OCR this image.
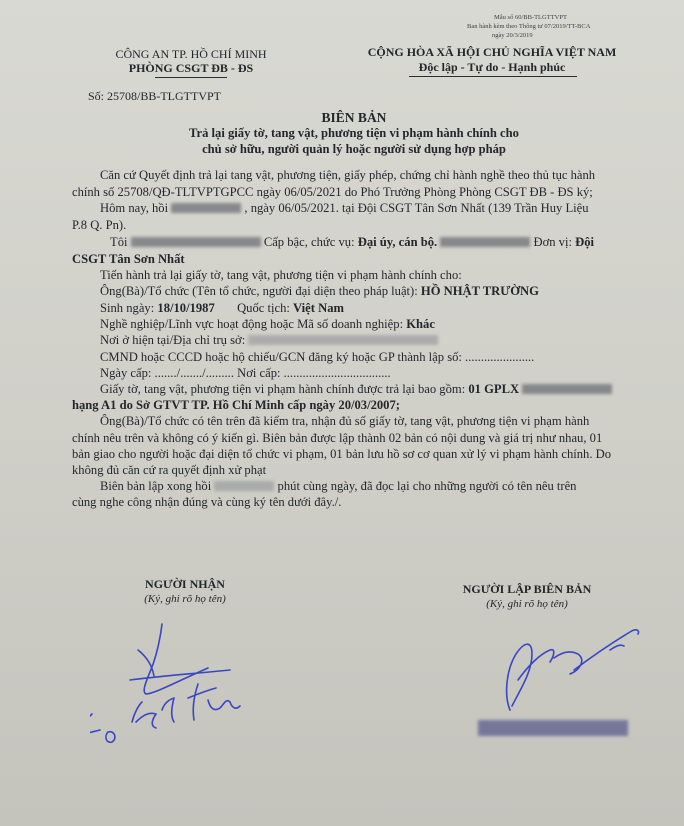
Mẫu số 60/BB-TLGTTVPT
Ban hành kèm theo Thông tư 07/2019/TT-BCA
ngày 20/3/2019
CÔNG AN TP. HỒ CHÍ MINH
PHÒNG CSGT ĐB - ĐS
Số: 25708/BB-TLGTTVPT
CỘNG HÒA XÃ HỘI CHỦ NGHĨA VIỆT NAM
Độc lập - Tự do - Hạnh phúc
BIÊN BẢN
Trả lại giấy tờ, tang vật, phương tiện vi phạm hành chính cho
chủ sở hữu, người quản lý hoặc người sử dụng hợp pháp
Căn cứ Quyết định trả lại tang vật, phương tiện, giấy phép, chứng chỉ hành nghề theo thủ tục hành
chính số 25708/QĐ-TLTVPTGPCC ngày 06/05/2021 do Phó Trưởng Phòng Phòng CSGT ĐB - ĐS ký;
Hôm nay, hồi	, ngày 06/05/2021. tại Đội CSGT Tân Sơn Nhất (139 Trần Huy Liệu
P.8 Q. Pn).
Tôi	Cấp bậc, chức vụ: Đại úy, cán bộ.	Đơn vị: Đội
CSGT Tân Sơn Nhất
Tiến hành trả lại giấy tờ, tang vật, phương tiện vi phạm hành chính cho:
Ông(Bà)/Tổ chức (Tên tổ chức, người đại diện theo pháp luật): HỒ NHẬT TRƯỜNG
Sinh ngày: 18/10/1987 Quốc tịch: Việt Nam
Nghề nghiệp/Lĩnh vực hoạt động hoặc Mã số doanh nghiệp: Khác
Nơi ở hiện tại/Địa chỉ trụ sở:
CMND hoặc CCCD hoặc hộ chiếu/GCN đăng ký hoặc GP thành lập số: ......................
Ngày cấp: ......./......./......... Nơi cấp: ..................................
Giấy tờ, tang vật, phương tiện vi phạm hành chính được trả lại bao gồm: 01 GPLX
hạng A1 do Sở GTVT TP. Hồ Chí Minh cấp ngày 20/03/2007;
Ông(Bà)/Tổ chức có tên trên đã kiểm tra, nhận đủ số giấy tờ, tang vật, phương tiện vi phạm hành
chính nêu trên và không có ý kiến gì. Biên bản được lập thành 02 bản có nội dung và giá trị như nhau, 01
bản giao cho người hoặc đại diện tổ chức vi phạm, 01 bản lưu hồ sơ cơ quan xử lý vi phạm hành chính. Do
không đủ căn cứ ra quyết định xử phạt
Biên bản lập xong hồi	phút cùng ngày, đã đọc lại cho những người có tên nêu trên
cùng nghe công nhận đúng và cùng ký tên dưới đây./.
NGƯỜI NHẬN
(Ký, ghi rõ họ tên)
NGƯỜI LẬP BIÊN BẢN
(Ký, ghi rõ họ tên)
